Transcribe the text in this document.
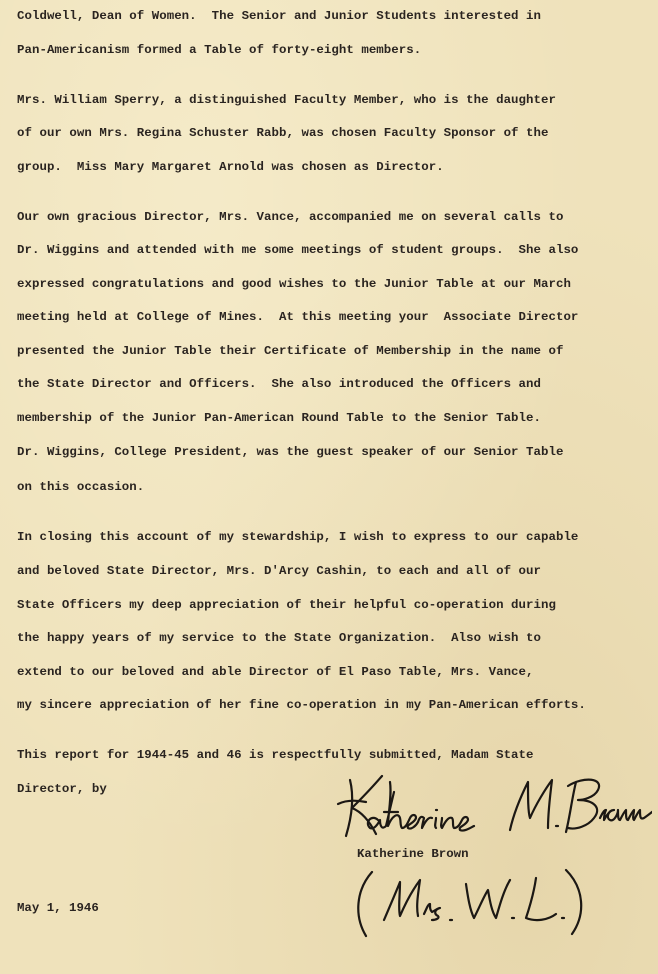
Coldwell, Dean of Women.  The Senior and Junior Students interested in

Pan-Americanism formed a Table of forty-eight members.

Mrs. William Sperry, a distinguished Faculty Member, who is the daughter

of our own Mrs. Regina Schuster Rabb, was chosen Faculty Sponsor of the

group.  Miss Mary Margaret Arnold was chosen as Director.

Our own gracious Director, Mrs. Vance, accompanied me on several calls to

Dr. Wiggins and attended with me some meetings of student groups.  She also

expressed congratulations and good wishes to the Junior Table at our March

meeting held at College of Mines.  At this meeting your  Associate Director

presented the Junior Table their Certificate of Membership in the name of

the State Director and Officers.  She also introduced the Officers and

membership of the Junior Pan-American Round Table to the Senior Table.

Dr. Wiggins, College President, was the guest speaker of our Senior Table

on this occasion.

In closing this account of my stewardship, I wish to express to our capable

and beloved State Director, Mrs. D'Arcy Cashin, to each and all of our

State Officers my deep appreciation of their helpful co-operation during

the happy years of my service to the State Organization.  Also wish to

extend to our beloved and able Director of El Paso Table, Mrs. Vance,

my sincere appreciation of her fine co-operation in my Pan-American efforts.

This report for 1944-45 and 46 is respectfully submitted, Madam State

Director, by

Katherine Brown

May 1, 1946
